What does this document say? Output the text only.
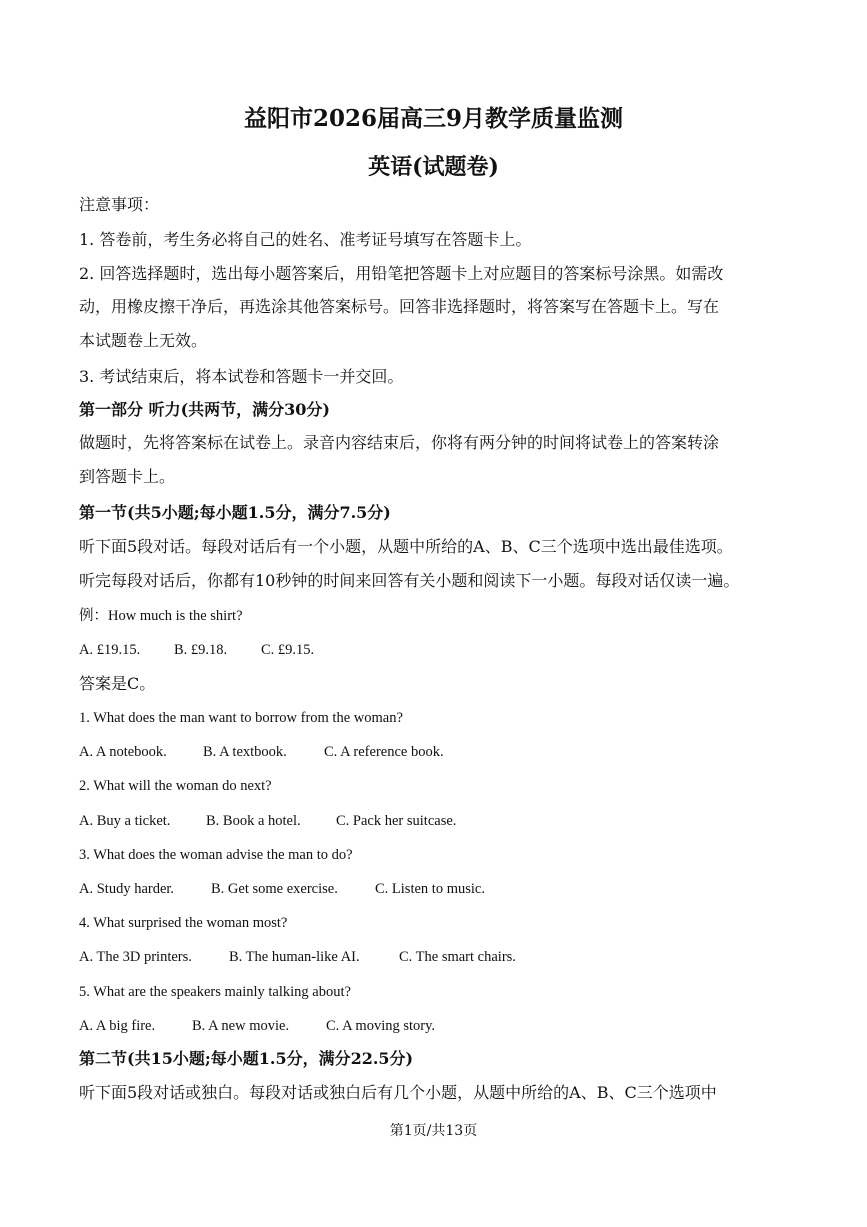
益阳市2026届高三9月教学质量监测
英语(试题卷)
注意事项：
1. 答卷前，考生务必将自己的姓名、准考证号填写在答题卡上。
2. 回答选择题时，选出每小题答案后，用铅笔把答题卡上对应题目的答案标号涂黑。如需改
动，用橡皮擦干净后，再选涂其他答案标号。回答非选择题时，将答案写在答题卡上。写在
本试题卷上无效。
3. 考试结束后，将本试卷和答题卡一并交回。
第一部分 听力(共两节，满分30分)
做题时，先将答案标在试卷上。录音内容结束后，你将有两分钟的时间将试卷上的答案转涂
到答题卡上。
第一节(共5小题;每小题1.5分，满分7.5分)
听下面5段对话。每段对话后有一个小题，从题中所给的A、B、C三个选项中选出最佳选项。
听完每段对话后，你都有10秒钟的时间来回答有关小题和阅读下一小题。每段对话仅读一遍。
例：How much is the shirt?
A. £19.15. B. £9.18. C. £9.15.
答案是C。
1. What does the man want to borrow from the woman?
A. A notebook. B. A textbook.	C. A reference book.
2. What will the woman do next?
A. Buy a ticket. B. Book a hotel. C. Pack her suitcase.
3. What does the woman advise the man to do?
A. Study harder.	B. Get some exercise.	C. Listen to music.
4. What surprised the woman most?
A. The 3D printers.	B. The human-like AI.	C. The smart chairs.
5. What are the speakers mainly talking about?
A. A big fire.	B. A new movie.	C. A moving story.
第二节(共15小题;每小题1.5分，满分22.5分)
听下面5段对话或独白。每段对话或独白后有几个小题，从题中所给的A、B、C三个选项中
第1页/共13页
